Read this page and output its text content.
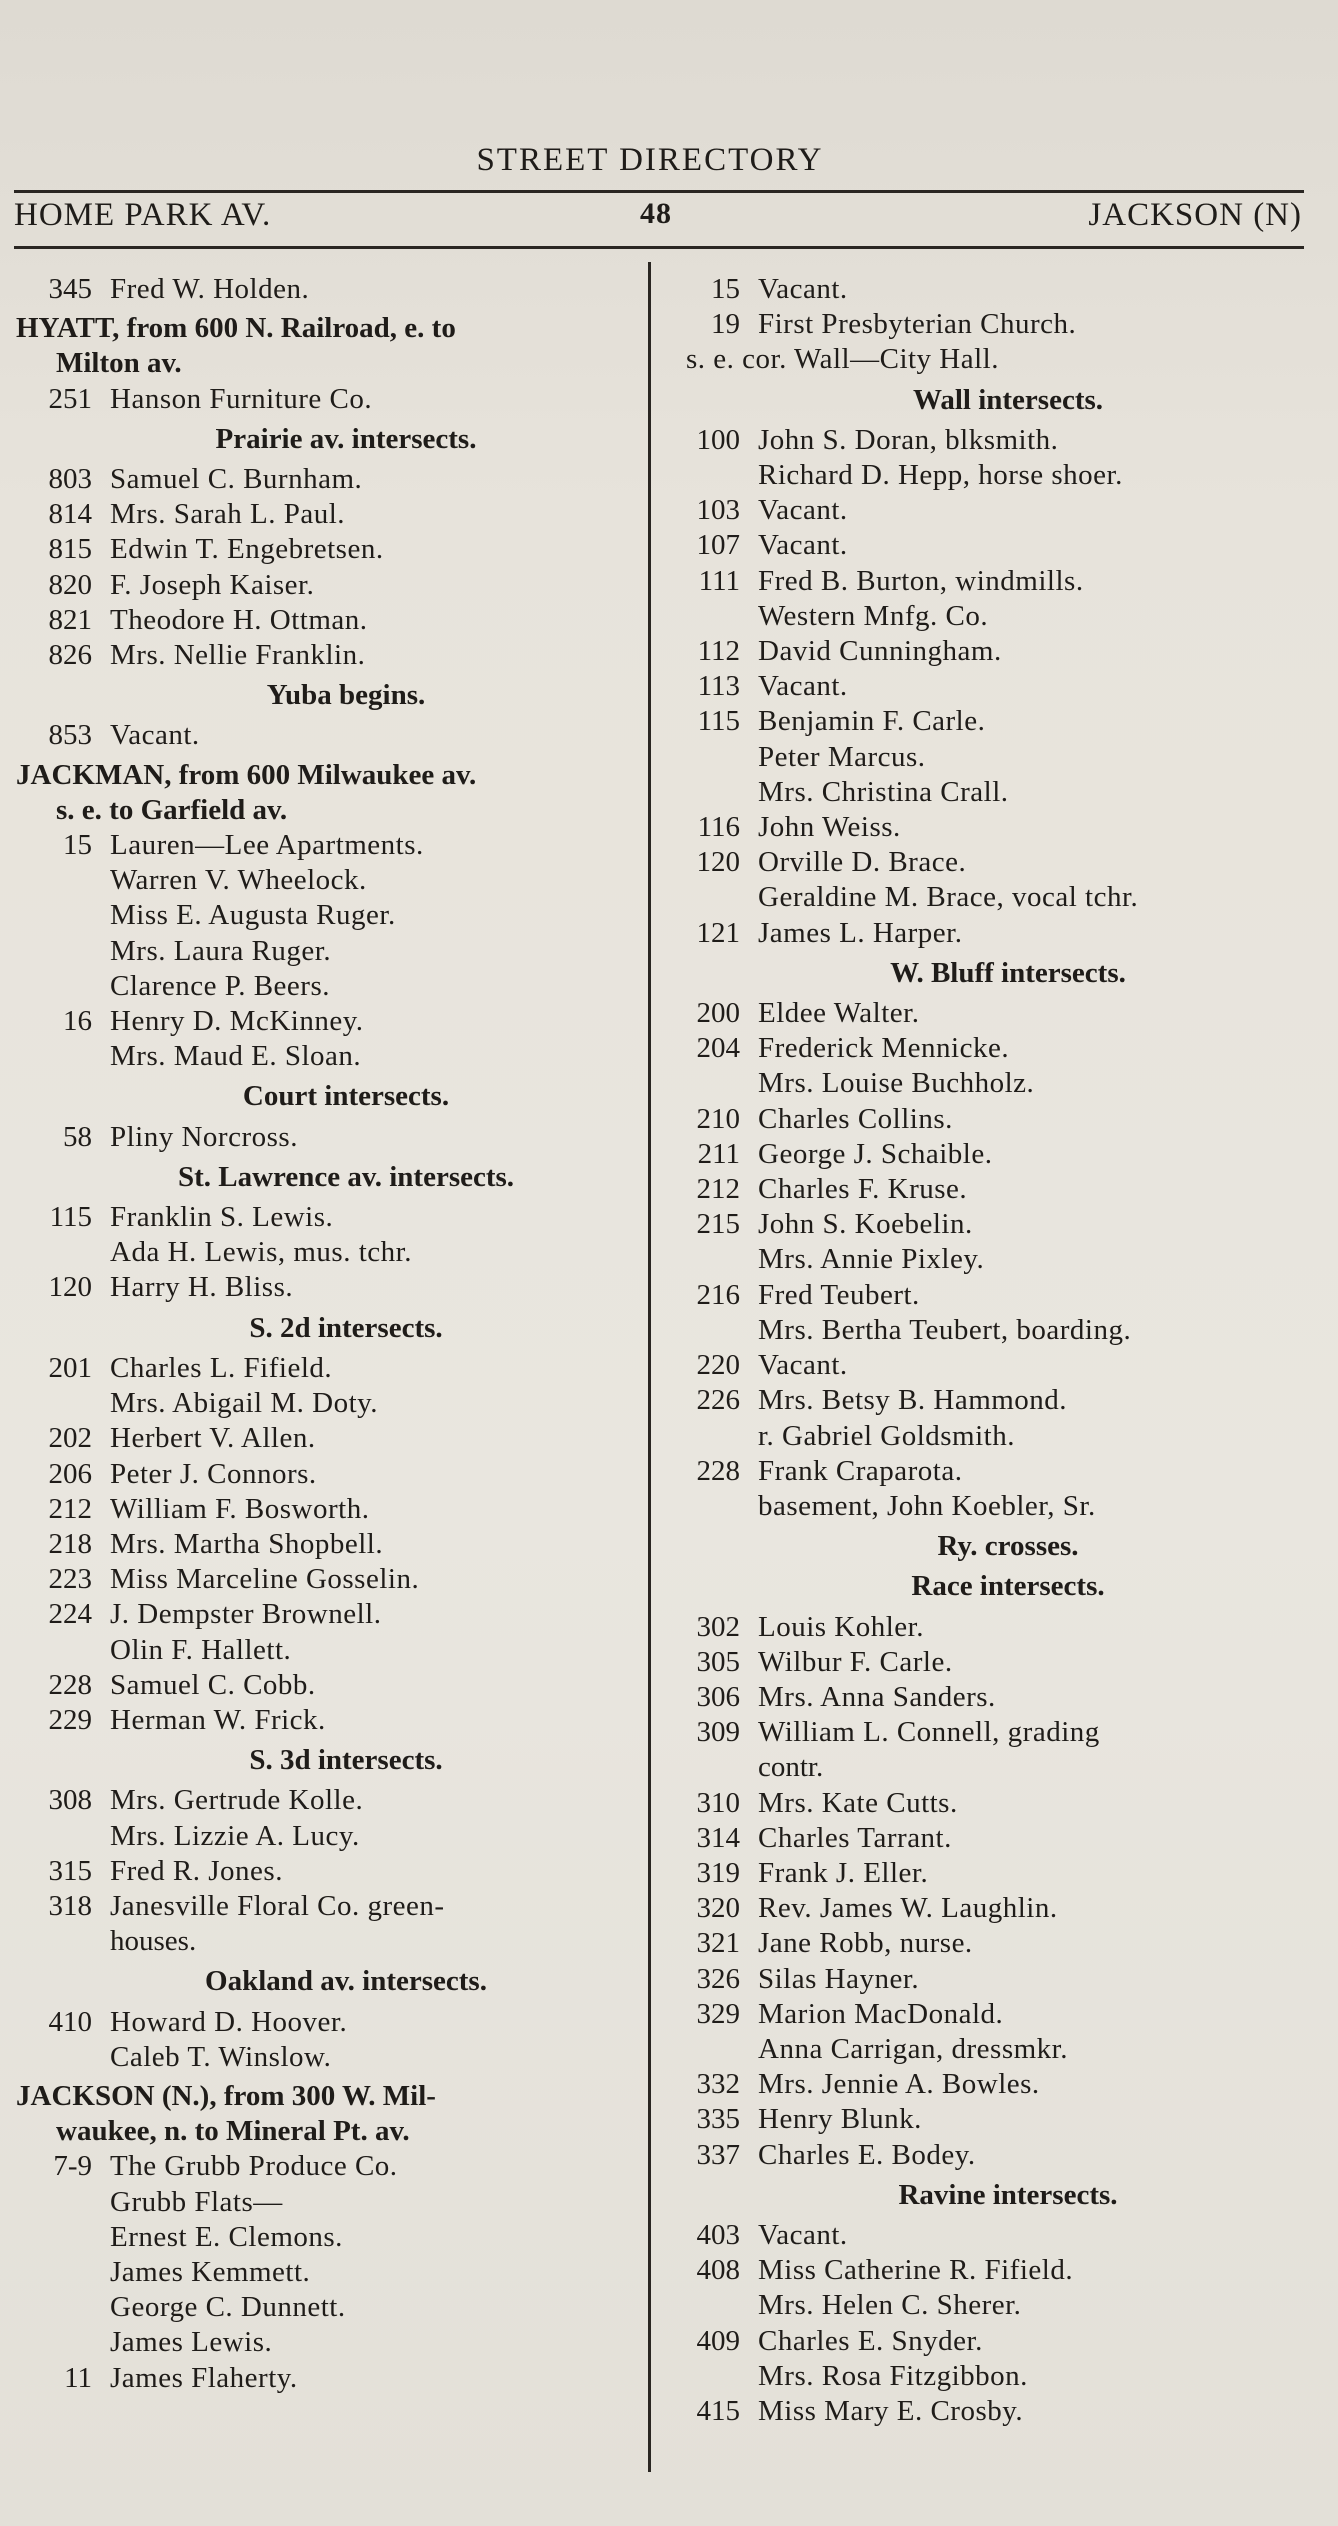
STREET DIRECTORY
HOME PARK AV.	48	JACKSON (N)
345 Fred W. Holden.
HYATT, from 600 N. Railroad, e. to
Milton av.
251 Hanson Furniture Co.
Prairie av. intersects.
803 Samuel C. Burnham.
814 Mrs. Sarah L. Paul.
815 Edwin T. Engebretsen.
820 F. Joseph Kaiser.
821 Theodore H. Ottman.
826 Mrs. Nellie Franklin.
Yuba begins.
853 Vacant.
JACKMAN, from 600 Milwaukee av.
s. e. to Garfield av.
15 Lauren—Lee Apartments.
Warren V. Wheelock.
Miss E. Augusta Ruger.
Mrs. Laura Ruger.
Clarence P. Beers.
16 Henry D. McKinney.
Mrs. Maud E. Sloan.
Court intersects.
58 Pliny Norcross.
St. Lawrence av. intersects.
115 Franklin S. Lewis.
Ada H. Lewis, mus. tchr.
120 Harry H. Bliss.
S. 2d intersects.
201 Charles L. Fifield.
Mrs. Abigail M. Doty.
202 Herbert V. Allen.
206 Peter J. Connors.
212 William F. Bosworth.
218 Mrs. Martha Shopbell.
223 Miss Marceline Gosselin.
224 J. Dempster Brownell.
Olin F. Hallett.
228 Samuel C. Cobb.
229 Herman W. Frick.
S. 3d intersects.
308 Mrs. Gertrude Kolle.
Mrs. Lizzie A. Lucy.
315 Fred R. Jones.
318 Janesville Floral Co. green-
houses.
Oakland av. intersects.
410 Howard D. Hoover.
Caleb T. Winslow.
JACKSON (N.), from 300 W. Mil-
waukee, n. to Mineral Pt. av.
7-9 The Grubb Produce Co.
Grubb Flats—
Ernest E. Clemons.
James Kemmett.
George C. Dunnett.
James Lewis.
11 James Flaherty.
15 Vacant.
19 First Presbyterian Church.
s. e. cor. Wall—City Hall.
Wall intersects.
100 John S. Doran, blksmith.
Richard D. Hepp, horse shoer.
103 Vacant.
107 Vacant.
111 Fred B. Burton, windmills.
Western Mnfg. Co.
112 David Cunningham.
113 Vacant.
115 Benjamin F. Carle.
Peter Marcus.
Mrs. Christina Crall.
116 John Weiss.
120 Orville D. Brace.
Geraldine M. Brace, vocal tchr.
121 James L. Harper.
W. Bluff intersects.
200 Eldee Walter.
204 Frederick Mennicke.
Mrs. Louise Buchholz.
210 Charles Collins.
211 George J. Schaible.
212 Charles F. Kruse.
215 John S. Koebelin.
Mrs. Annie Pixley.
216 Fred Teubert.
Mrs. Bertha Teubert, boarding.
220 Vacant.
226 Mrs. Betsy B. Hammond.
r. Gabriel Goldsmith.
228 Frank Craparota.
basement, John Koebler, Sr.
Ry. crosses.
Race intersects.
302 Louis Kohler.
305 Wilbur F. Carle.
306 Mrs. Anna Sanders.
309 William L. Connell, grading
contr.
310 Mrs. Kate Cutts.
314 Charles Tarrant.
319 Frank J. Eller.
320 Rev. James W. Laughlin.
321 Jane Robb, nurse.
326 Silas Hayner.
329 Marion MacDonald.
Anna Carrigan, dressmkr.
332 Mrs. Jennie A. Bowles.
335 Henry Blunk.
337 Charles E. Bodey.
Ravine intersects.
403 Vacant.
408 Miss Catherine R. Fifield.
Mrs. Helen C. Sherer.
409 Charles E. Snyder.
Mrs. Rosa Fitzgibbon.
415 Miss Mary E. Crosby.
